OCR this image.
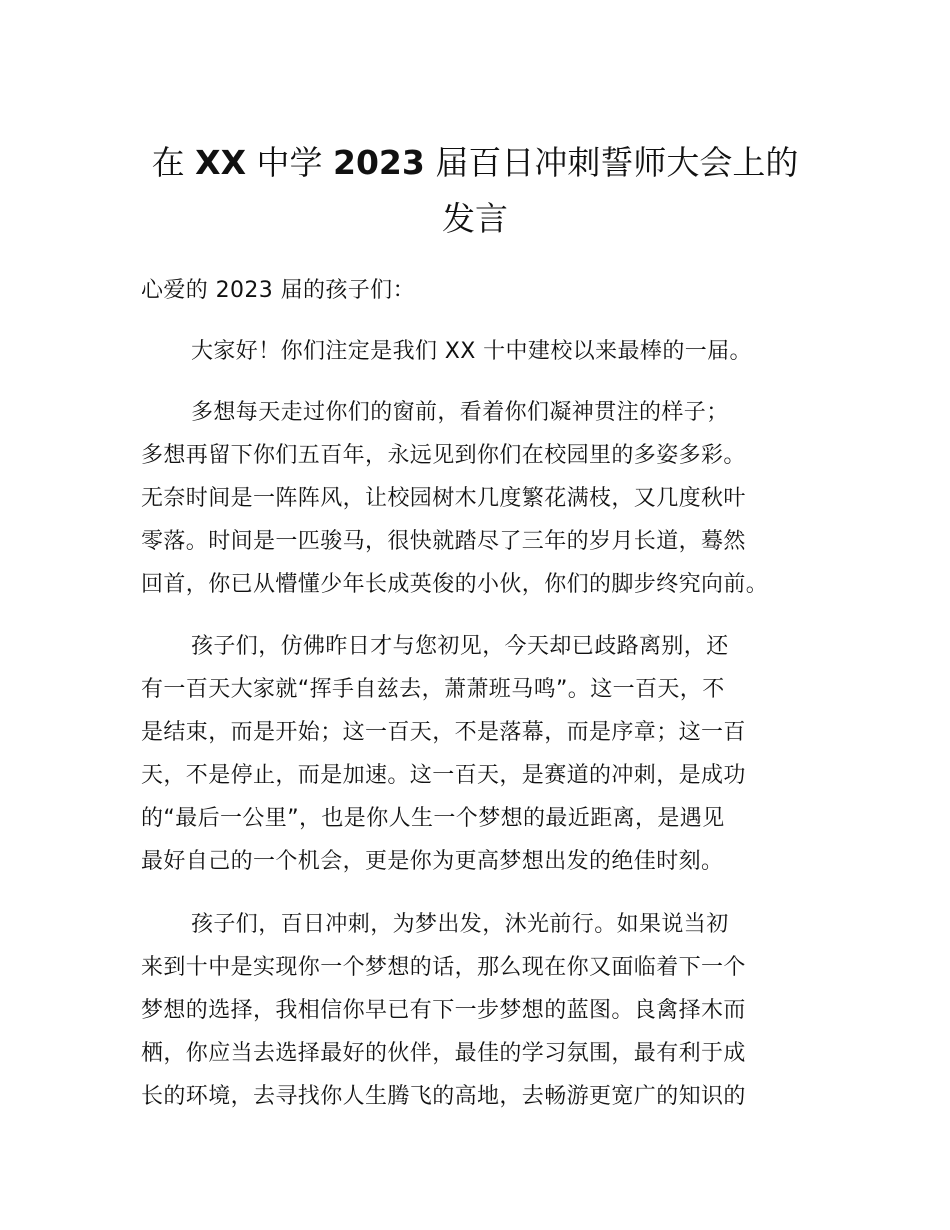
在 XX 中学 2023 届百日冲刺誓师大会上的
发言
心爱的 2023 届的孩子们：
大家好！你们注定是我们 XX 十中建校以来最棒的一届。
多想每天走过你们的窗前，看着你们凝神贯注的样子；
多想再留下你们五百年，永远见到你们在校园里的多姿多彩。
无奈时间是一阵阵风，让校园树木几度繁花满枝，又几度秋叶
零落。时间是一匹骏马，很快就踏尽了三年的岁月长道，蓦然
回首，你已从懵懂少年长成英俊的小伙，你们的脚步终究向前。
孩子们，仿佛昨日才与您初见，今天却已歧路离别，还
有一百天大家就“挥手自兹去，萧萧班马鸣”。这一百天，不
是结束，而是开始；这一百天，不是落幕，而是序章；这一百
天，不是停止，而是加速。这一百天，是赛道的冲刺，是成功
的“最后一公里”，也是你人生一个梦想的最近距离，是遇见
最好自己的一个机会，更是你为更高梦想出发的绝佳时刻。
孩子们，百日冲刺，为梦出发，沐光前行。如果说当初
来到十中是实现你一个梦想的话，那么现在你又面临着下一个
梦想的选择，我相信你早已有下一步梦想的蓝图。良禽择木而
栖，你应当去选择最好的伙伴，最佳的学习氛围，最有利于成
长的环境，去寻找你人生腾飞的高地，去畅游更宽广的知识的
